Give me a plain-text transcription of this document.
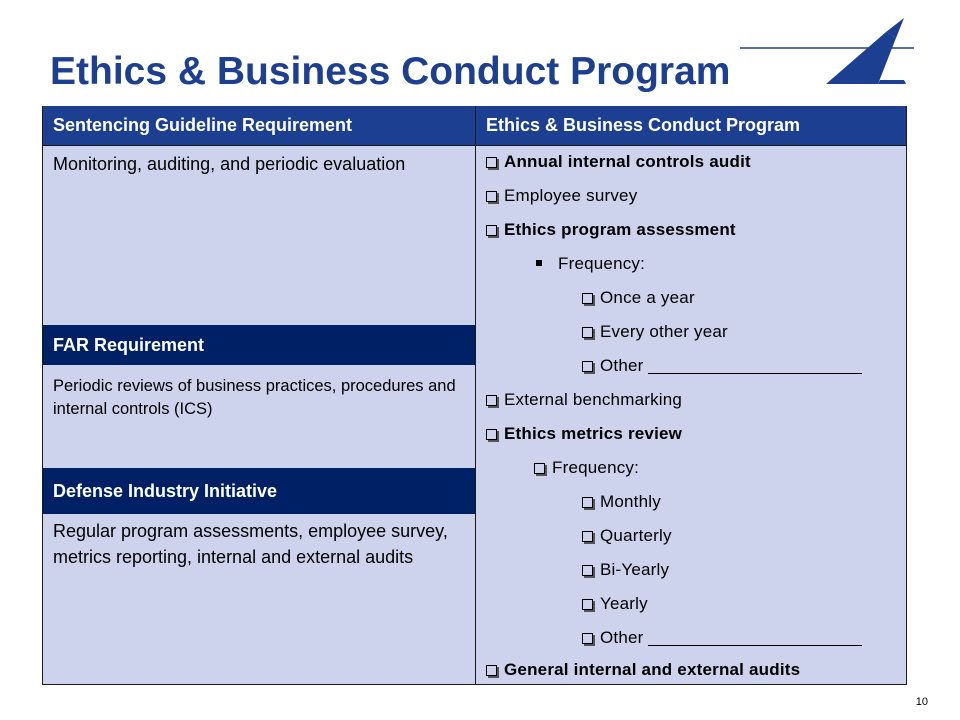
Ethics & Business Conduct Program
Sentencing Guideline Requirement	Ethics & Business Conduct Program
Monitoring, auditing, and periodic evaluation
FAR Requirement
Periodic reviews of business practices, procedures and internal controls (ICS)
Defense Industry Initiative
Regular program assessments, employee survey, metrics reporting, internal and external audits
Annual internal controls audit
Employee survey
Ethics program assessment
Frequency:
Once a year
Every other year
Other
External benchmarking
Ethics metrics review
Frequency:
Monthly
Quarterly
Bi-Yearly
Yearly
Other
General internal and external audits
10
